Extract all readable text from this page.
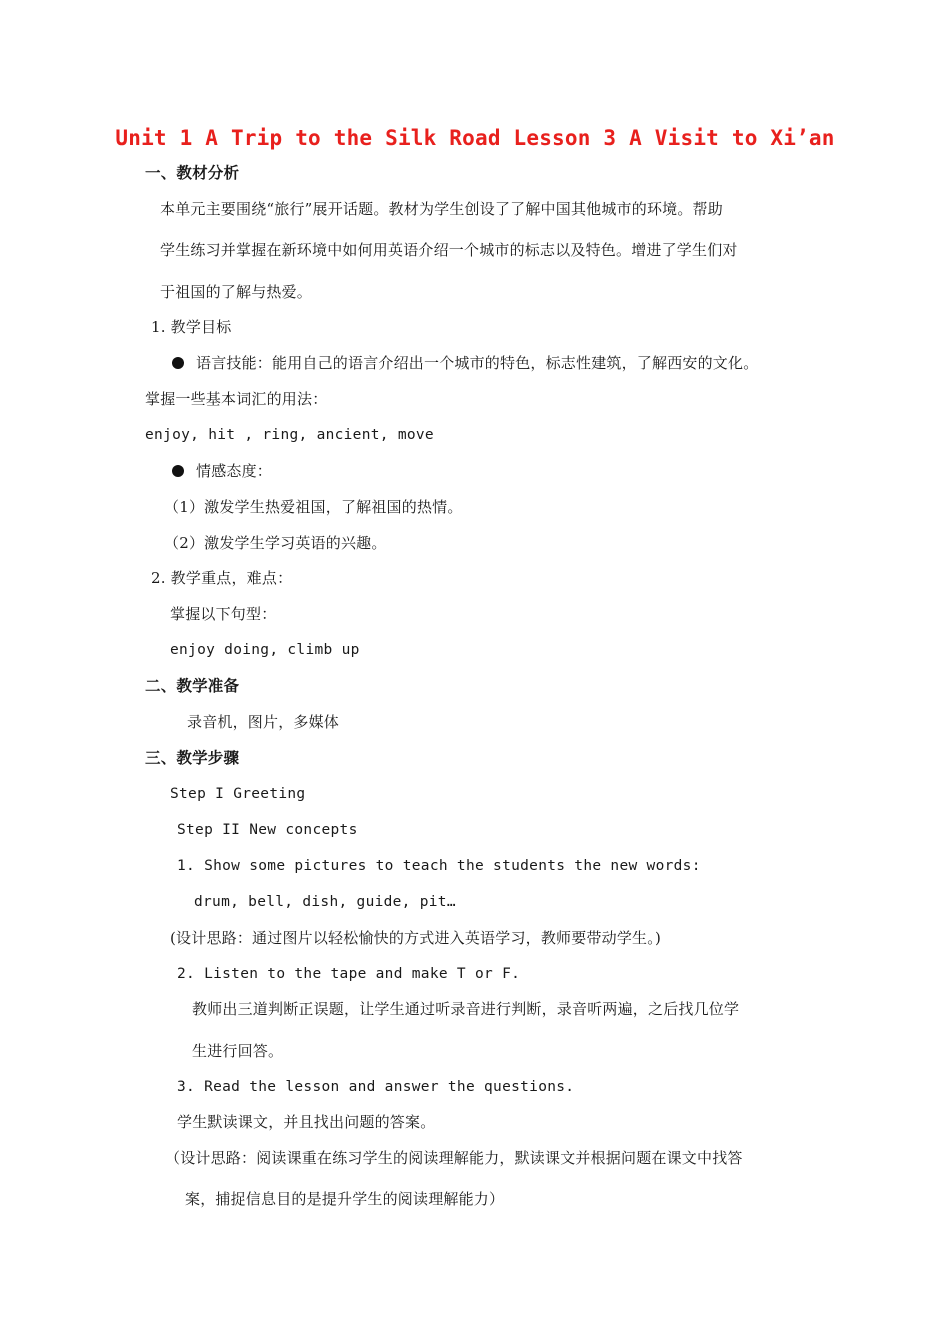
Unit 1 A Trip to the Silk Road Lesson 3 A Visit to Xi’an
一、教材分析
本单元主要围绕“旅行”展开话题。教材为学生创设了了解中国其他城市的环境。帮助
学生练习并掌握在新环境中如何用英语介绍一个城市的标志以及特色。增进了学生们对
于祖国的了解与热爱。
1. 教学目标
语言技能：能用自己的语言介绍出一个城市的特色，标志性建筑，了解西安的文化。
掌握一些基本词汇的用法：
enjoy, hit , ring, ancient, move
情感态度：
（1）激发学生热爱祖国，了解祖国的热情。
（2）激发学生学习英语的兴趣。
2. 教学重点，难点：
掌握以下句型：
enjoy doing, climb up
二、教学准备
录音机，图片，多媒体
三、教学步骤
Step I Greeting
Step II New concepts
1. Show some pictures to teach the students the new words:
drum, bell, dish, guide, pit…
(设计思路：通过图片以轻松愉快的方式进入英语学习，教师要带动学生。)
2. Listen to the tape and make T or F.
教师出三道判断正误题，让学生通过听录音进行判断，录音听两遍，之后找几位学
生进行回答。
3. Read the lesson and answer the questions.
学生默读课文，并且找出问题的答案。
（设计思路：阅读课重在练习学生的阅读理解能力，默读课文并根据问题在课文中找答
案，捕捉信息目的是提升学生的阅读理解能力）
